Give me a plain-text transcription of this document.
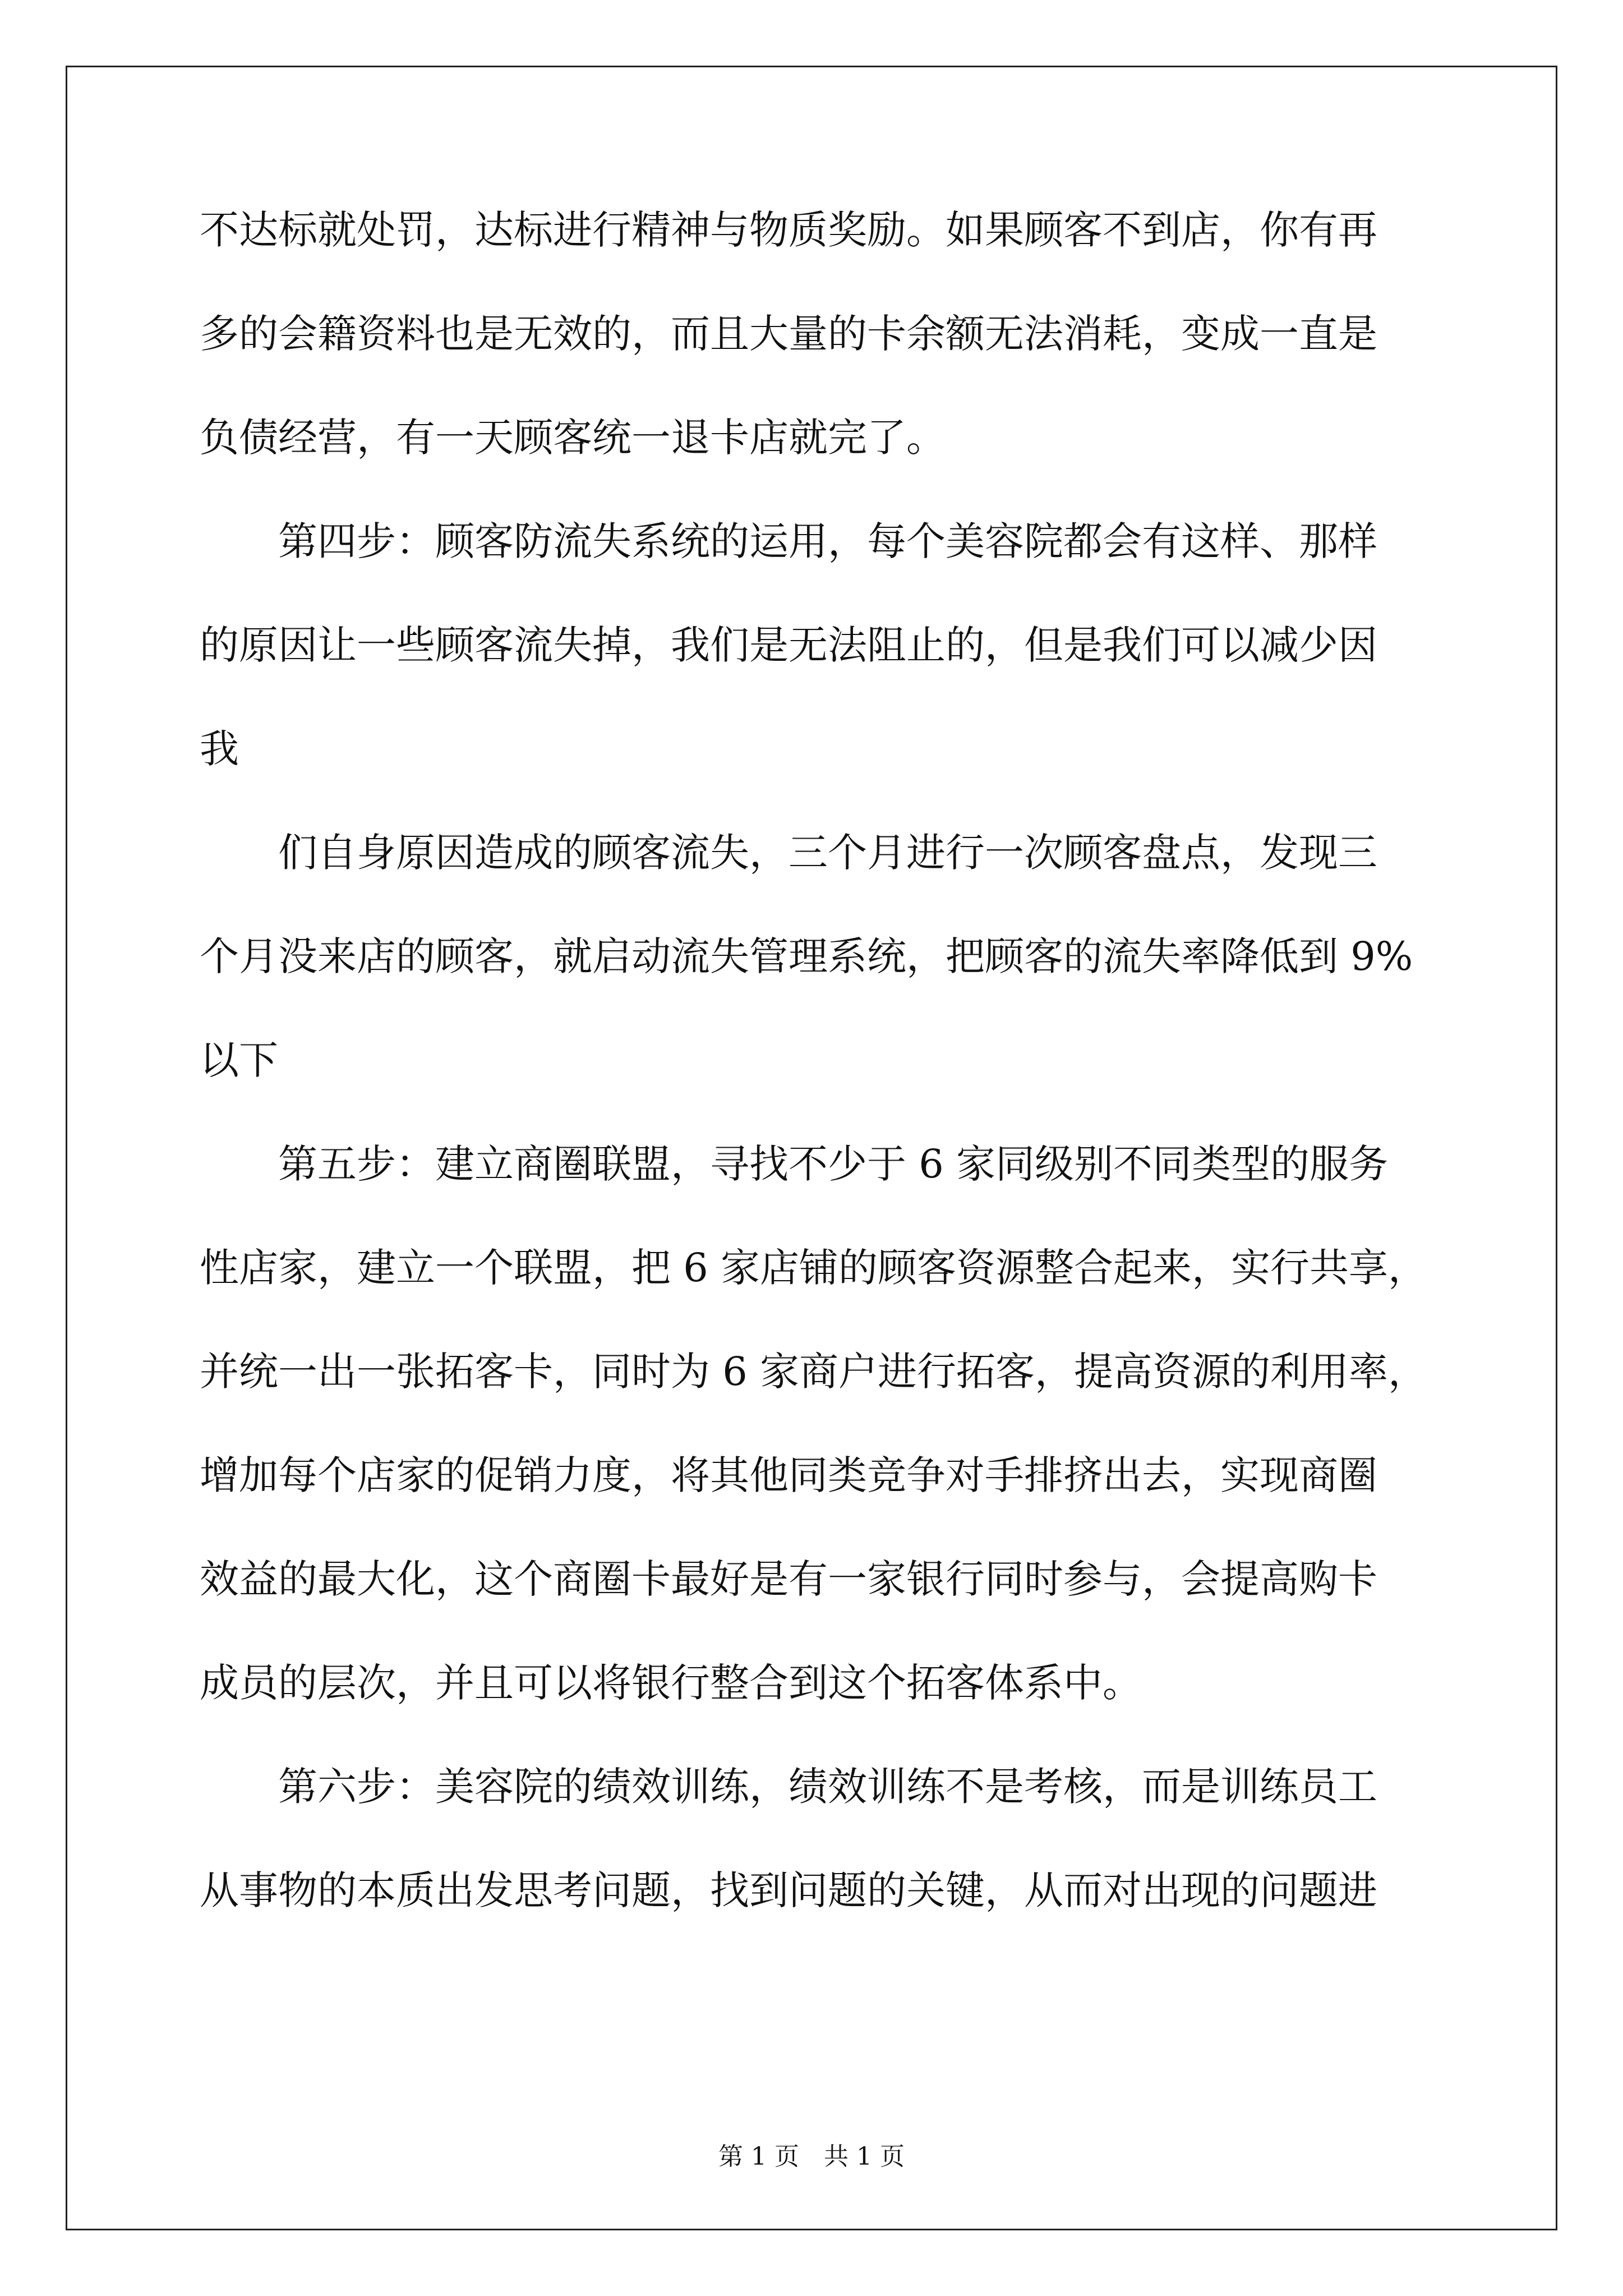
不达标就处罚，达标进行精神与物质奖励。如果顾客不到店，你有再
多的会籍资料也是无效的，而且大量的卡余额无法消耗，变成一直是
负债经营，有一天顾客统一退卡店就完了。
第四步：顾客防流失系统的运用，每个美容院都会有这样、那样
的原因让一些顾客流失掉，我们是无法阻止的，但是我们可以减少因
我
们自身原因造成的顾客流失，三个月进行一次顾客盘点，发现三
个月没来店的顾客，就启动流失管理系统，把顾客的流失率降低到 9%
以下
第五步：建立商圈联盟，寻找不少于 6 家同级别不同类型的服务
性店家，建立一个联盟，把 6 家店铺的顾客资源整合起来，实行共享，
并统一出一张拓客卡，同时为 6 家商户进行拓客，提高资源的利用率，
增加每个店家的促销力度，将其他同类竞争对手排挤出去，实现商圈
效益的最大化，这个商圈卡最好是有一家银行同时参与，会提高购卡
成员的层次，并且可以将银行整合到这个拓客体系中。
第六步：美容院的绩效训练，绩效训练不是考核，而是训练员工
从事物的本质出发思考问题，找到问题的关键，从而对出现的问题进
第 1 页　共 1 页
